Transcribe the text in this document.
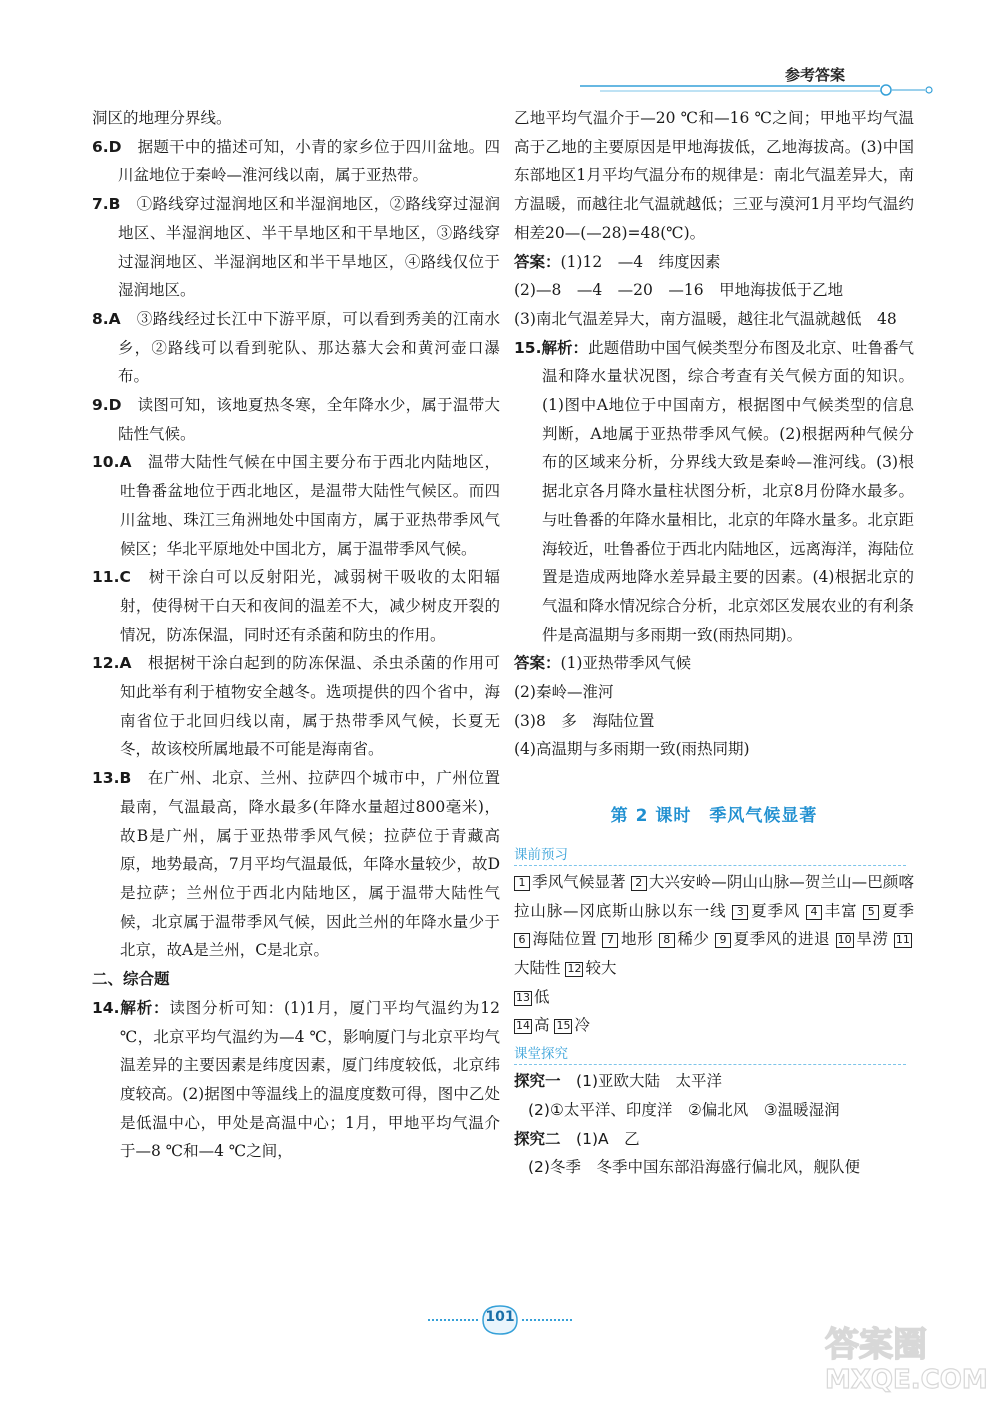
参考答案

洞区的地理分界线。

6.D　 据题干中的描述可知，小青的家乡位于四川盆地。四川盆地位于秦岭—淮河线以南，属于亚热带。

7.B　 ①路线穿过湿润地区和半湿润地区，②路线穿过湿润地区、半湿润地区、半干旱地区和干旱地区，③路线穿过湿润地区、半湿润地区和半干旱地区，④路线仅位于湿润地区。

8.A　 ③路线经过长江中下游平原，可以看到秀美的江南水乡，②路线可以看到驼队、那达慕大会和黄河壶口瀑布。

9.D　 读图可知，该地夏热冬寒，全年降水少，属于温带大陆性气候。

10.A　 温带大陆性气候在中国主要分布于西北内陆地区，吐鲁番盆地位于西北地区，是温带大陆性气候区。而四川盆地、珠江三角洲地处中国南方，属于亚热带季风气候区；华北平原地处中国北方，属于温带季风气候。

11.C　 树干涂白可以反射阳光，减弱树干吸收的太阳辐射，使得树干白天和夜间的温差不大，减少树皮开裂的情况，防冻保温，同时还有杀菌和防虫的作用。

12.A　 根据树干涂白起到的防冻保温、杀虫杀菌的作用可知此举有利于植物安全越冬。选项提供的四个省中，海南省位于北回归线以南，属于热带季风气候，长夏无冬，故该校所属地最不可能是海南省。

13.B　 在广州、北京、兰州、拉萨四个城市中，广州位置最南，气温最高，降水最多(年降水量超过800毫米)，故B是广州，属于亚热带季风气候；拉萨位于青藏高原，地势最高，7月平均气温最低，年降水量较少，故D是拉萨；兰州位于西北内陆地区，属于温带大陆性气候，北京属于温带季风气候，因此兰州的年降水量少于北京，故A是兰州，C是北京。

二、综合题

14.解析：读图分析可知：(1)1月，厦门平均气温约为12 ℃，北京平均气温约为—4 ℃，影响厦门与北京平均气温差异的主要因素是纬度因素，厦门纬度较低，北京纬度较高。(2)据图中等温线上的温度度数可得，图中乙处是低温中心，甲处是高温中心；1月，甲地平均气温介于—8 ℃和—4 ℃之间，

乙地平均气温介于—20 ℃和—16 ℃之间；甲地平均气温高于乙地的主要原因是甲地海拔低，乙地海拔高。(3)中国东部地区1月平均气温分布的规律是：南北气温差异大，南方温暖，而越往北气温就越低；三亚与漠河1月平均气温约相差20—(—28)=48(℃)。

答案：(1)12　—4　纬度因素

(2)—8　—4　—20　—16　甲地海拔低于乙地

(3)南北气温差异大，南方温暖，越往北气温就越低　48

15.解析：此题借助中国气候类型分布图及北京、吐鲁番气温和降水量状况图，综合考查有关气候方面的知识。(1)图中A地位于中国南方，根据图中气候类型的信息判断，A地属于亚热带季风气候。(2)根据两种气候分布的区域来分析，分界线大致是秦岭—淮河线。(3)根据北京各月降水量柱状图分析，北京8月份降水最多。与吐鲁番的年降水量相比，北京的年降水量多。北京距海较近，吐鲁番位于西北内陆地区，远离海洋，海陆位置是造成两地降水差异最主要的因素。(4)根据北京的气温和降水情况综合分析，北京郊区发展农业的有利条件是高温期与多雨期一致(雨热同期)。

答案：(1)亚热带季风气候

(2)秦岭—淮河

(3)8　多　海陆位置

(4)高温期与多雨期一致(雨热同期)

第 2 课时　季风气候显著
课前预习

1 季风气候显著 2 大兴安岭—阴山山脉—贺兰山—巴颜喀拉山脉—冈底斯山脉以东一线 3 夏季风 4 丰富 5 夏季 6 海陆位置 7 地形 8 稀少 9 夏季风的进退 10 旱涝 11大陆性 12 较大
13 低
14 高 15 冷

课堂探究

探究一　 (1)亚欧大陆　太平洋

(2)①太平洋、印度洋　②偏北风　③温暖湿润

探究二　 (1)A　乙

(2)冬季　冬季中国东部沿海盛行偏北风，舰队便

101
答案圈
MXQE.COM
